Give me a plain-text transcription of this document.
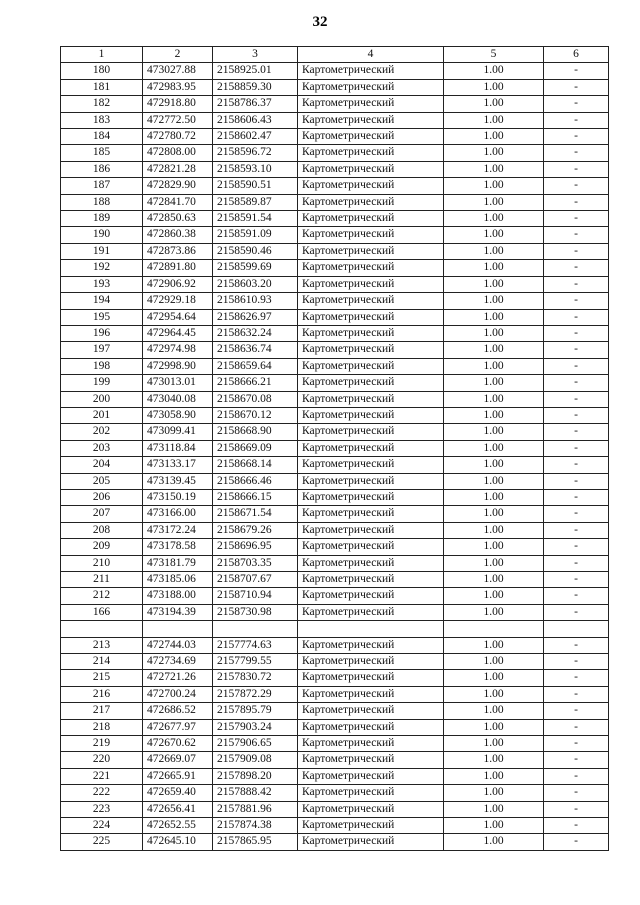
32
1	2	3	4	5	6
180	473027.88	2158925.01	Картометрический	1.00	-
181	472983.95	2158859.30	Картометрический	1.00	-
182	472918.80	2158786.37	Картометрический	1.00	-
183	472772.50	2158606.43	Картометрический	1.00	-
184	472780.72	2158602.47	Картометрический	1.00	-
185	472808.00	2158596.72	Картометрический	1.00	-
186	472821.28	2158593.10	Картометрический	1.00	-
187	472829.90	2158590.51	Картометрический	1.00	-
188	472841.70	2158589.87	Картометрический	1.00	-
189	472850.63	2158591.54	Картометрический	1.00	-
190	472860.38	2158591.09	Картометрический	1.00	-
191	472873.86	2158590.46	Картометрический	1.00	-
192	472891.80	2158599.69	Картометрический	1.00	-
193	472906.92	2158603.20	Картометрический	1.00	-
194	472929.18	2158610.93	Картометрический	1.00	-
195	472954.64	2158626.97	Картометрический	1.00	-
196	472964.45	2158632.24	Картометрический	1.00	-
197	472974.98	2158636.74	Картометрический	1.00	-
198	472998.90	2158659.64	Картометрический	1.00	-
199	473013.01	2158666.21	Картометрический	1.00	-
200	473040.08	2158670.08	Картометрический	1.00	-
201	473058.90	2158670.12	Картометрический	1.00	-
202	473099.41	2158668.90	Картометрический	1.00	-
203	473118.84	2158669.09	Картометрический	1.00	-
204	473133.17	2158668.14	Картометрический	1.00	-
205	473139.45	2158666.46	Картометрический	1.00	-
206	473150.19	2158666.15	Картометрический	1.00	-
207	473166.00	2158671.54	Картометрический	1.00	-
208	473172.24	2158679.26	Картометрический	1.00	-
209	473178.58	2158696.95	Картометрический	1.00	-
210	473181.79	2158703.35	Картометрический	1.00	-
211	473185.06	2158707.67	Картометрический	1.00	-
212	473188.00	2158710.94	Картометрический	1.00	-
166	473194.39	2158730.98	Картометрический	1.00	-

213	472744.03	2157774.63	Картометрический	1.00	-
214	472734.69	2157799.55	Картометрический	1.00	-
215	472721.26	2157830.72	Картометрический	1.00	-
216	472700.24	2157872.29	Картометрический	1.00	-
217	472686.52	2157895.79	Картометрический	1.00	-
218	472677.97	2157903.24	Картометрический	1.00	-
219	472670.62	2157906.65	Картометрический	1.00	-
220	472669.07	2157909.08	Картометрический	1.00	-
221	472665.91	2157898.20	Картометрический	1.00	-
222	472659.40	2157888.42	Картометрический	1.00	-
223	472656.41	2157881.96	Картометрический	1.00	-
224	472652.55	2157874.38	Картометрический	1.00	-
225	472645.10	2157865.95	Картометрический	1.00	-
